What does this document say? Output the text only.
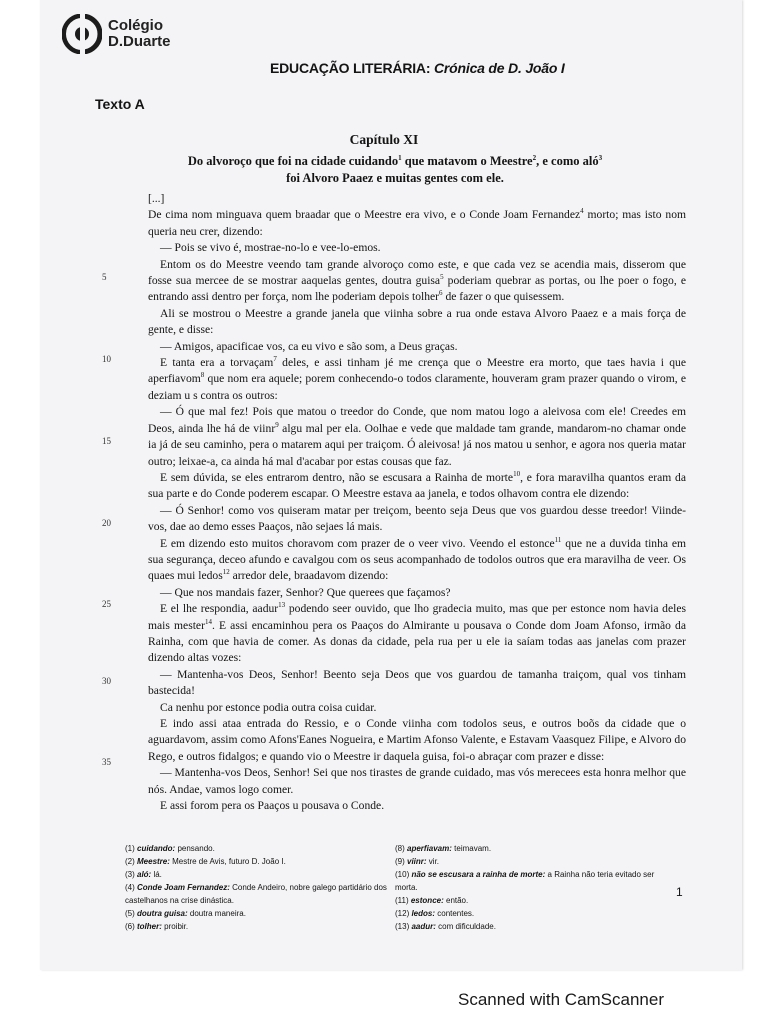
Colégio
D.Duarte
EDUCAÇÃO LITERÁRIA: Crónica de D. João I
Texto A
Capítulo XI
Do alvoroço que foi na cidade cuidando$^1$ que matavom o Meestre$^2$, e como aló$^3$
foi Alvoro Paaez e muitas gentes com ele.

[...]

De cima nom minguava quem braadar que o Meestre era vivo, e o Conde Joam Fernandez$^4$ morto; mas isto nom queria neu crer, dizendo:

— Pois se vivo é, mostrae-no-lo e vee-lo-emos.

Entom os do Meestre veendo tam grande alvoroço como este, e que cada vez se acendia mais, disserom que fosse sua mercee de se mostrar aaquelas gentes, doutra guisa$^5$ poderiam quebrar as portas, ou lhe poer o fogo, e entrando assi dentro per força, nom lhe poderiam depois tolher$^6$ de fazer o que quisessem.

Ali se mostrou o Meestre a grande janela que viinha sobre a rua onde estava Alvoro Paaez e a mais força de gente, e disse:

— Amigos, apacificae vos, ca eu vivo e são som, a Deus graças.

E tanta era a torvaçam$^7$ deles, e assi tinham jé me crença que o Meestre era morto, que taes havia i que aperfiavom$^8$ que nom era aquele; porem conhecendo-o todos claramente, houveram gram prazer quando o virom, e deziam u s contra os outros:

— Ó que mal fez! Pois que matou o treedor do Conde, que nom matou logo a aleivosa com ele! Creedes em Deos, ainda lhe há de viinr$^9$ algu mal per ela. Oolhae e vede que maldade tam grande, mandarom-no chamar onde ia já de seu caminho, pera o matarem aqui per traiçom. Ó aleivosa! já nos matou u senhor, e agora nos queria matar outro; leixae-a, ca ainda há mal d'acabar por estas cousas que faz.

E sem dúvida, se eles entrarom dentro, não se escusara a Rainha de morte$^{10}$, e fora maravilha quantos eram da sua parte e do Conde poderem escapar. O Meestre estava aa janela, e todos olhavom contra ele dizendo:

— Ó Senhor! como vos quiseram matar per treiçom, beento seja Deus que vos guardou desse treedor! Viinde-vos, dae ao demo esses Paaços, não sejaes lá mais.

E em dizendo esto muitos choravom com prazer de o veer vivo. Veendo el estonce$^{11}$ que ne a duvida tinha em sua segurança, deceo afundo e cavalgou com os seus acompanhado de todolos outros que era maravilha de veer. Os quaes mui ledos$^{12}$ arredor dele, braadavom dizendo:

— Que nos mandais fazer, Senhor? Que querees que façamos?

E el lhe respondia, aadur$^{13}$ podendo seer ouvido, que lho gradecia muito, mas que per estonce nom havia deles mais mester$^{14}$. E assi encaminhou pera os Paaços do Almirante u pousava o Conde dom Joam Afonso, irmão da Rainha, com que havia de comer. As donas da cidade, pela rua per u ele ia saíam todas aas janelas com prazer dizendo altas vozes:

— Mantenha-vos Deos, Senhor! Beento seja Deos que vos guardou de tamanha traiçom, qual vos tinham bastecida!

Ca nenhu por estonce podia outra coisa cuidar.

E indo assi ataa entrada do Ressio, e o Conde viinha com todolos seus, e outros boõs da cidade que o aguardavom, assim como Afons'Eanes Nogueira, e Martim Afonso Valente, e Estavam Vaasquez Filipe, e Alvoro do Rego, e outros fidalgos; e quando vio o Meestre ir daquela guisa, foi-o abraçar com prazer e disse:

— Mantenha-vos Deos, Senhor! Sei que nos tirastes de grande cuidado, mas vós merecees esta honra melhor que nós. Andae, vamos logo comer.

E assi forom pera os Paaços u pousava o Conde.

5
10
15
20
25
30
35
(1) cuidando: pensando.
(2) Meestre: Mestre de Avis, futuro D. João I.
(3) aló: lá.
(4) Conde Joam Fernandez: Conde Andeiro, nobre galego partidário dos castelhanos na crise dinástica.
(5) doutra guisa: doutra maneira.
(6) tolher: proibir.
(8) aperfiavam: teimavam.
(9) viinr: vir.
(10) não se escusara a rainha de morte: a Rainha não teria evitado ser morta.
(11) estonce: então.
(12) ledos: contentes.
(13) aadur: com dificuldade.
1
Scanned with CamScanner
